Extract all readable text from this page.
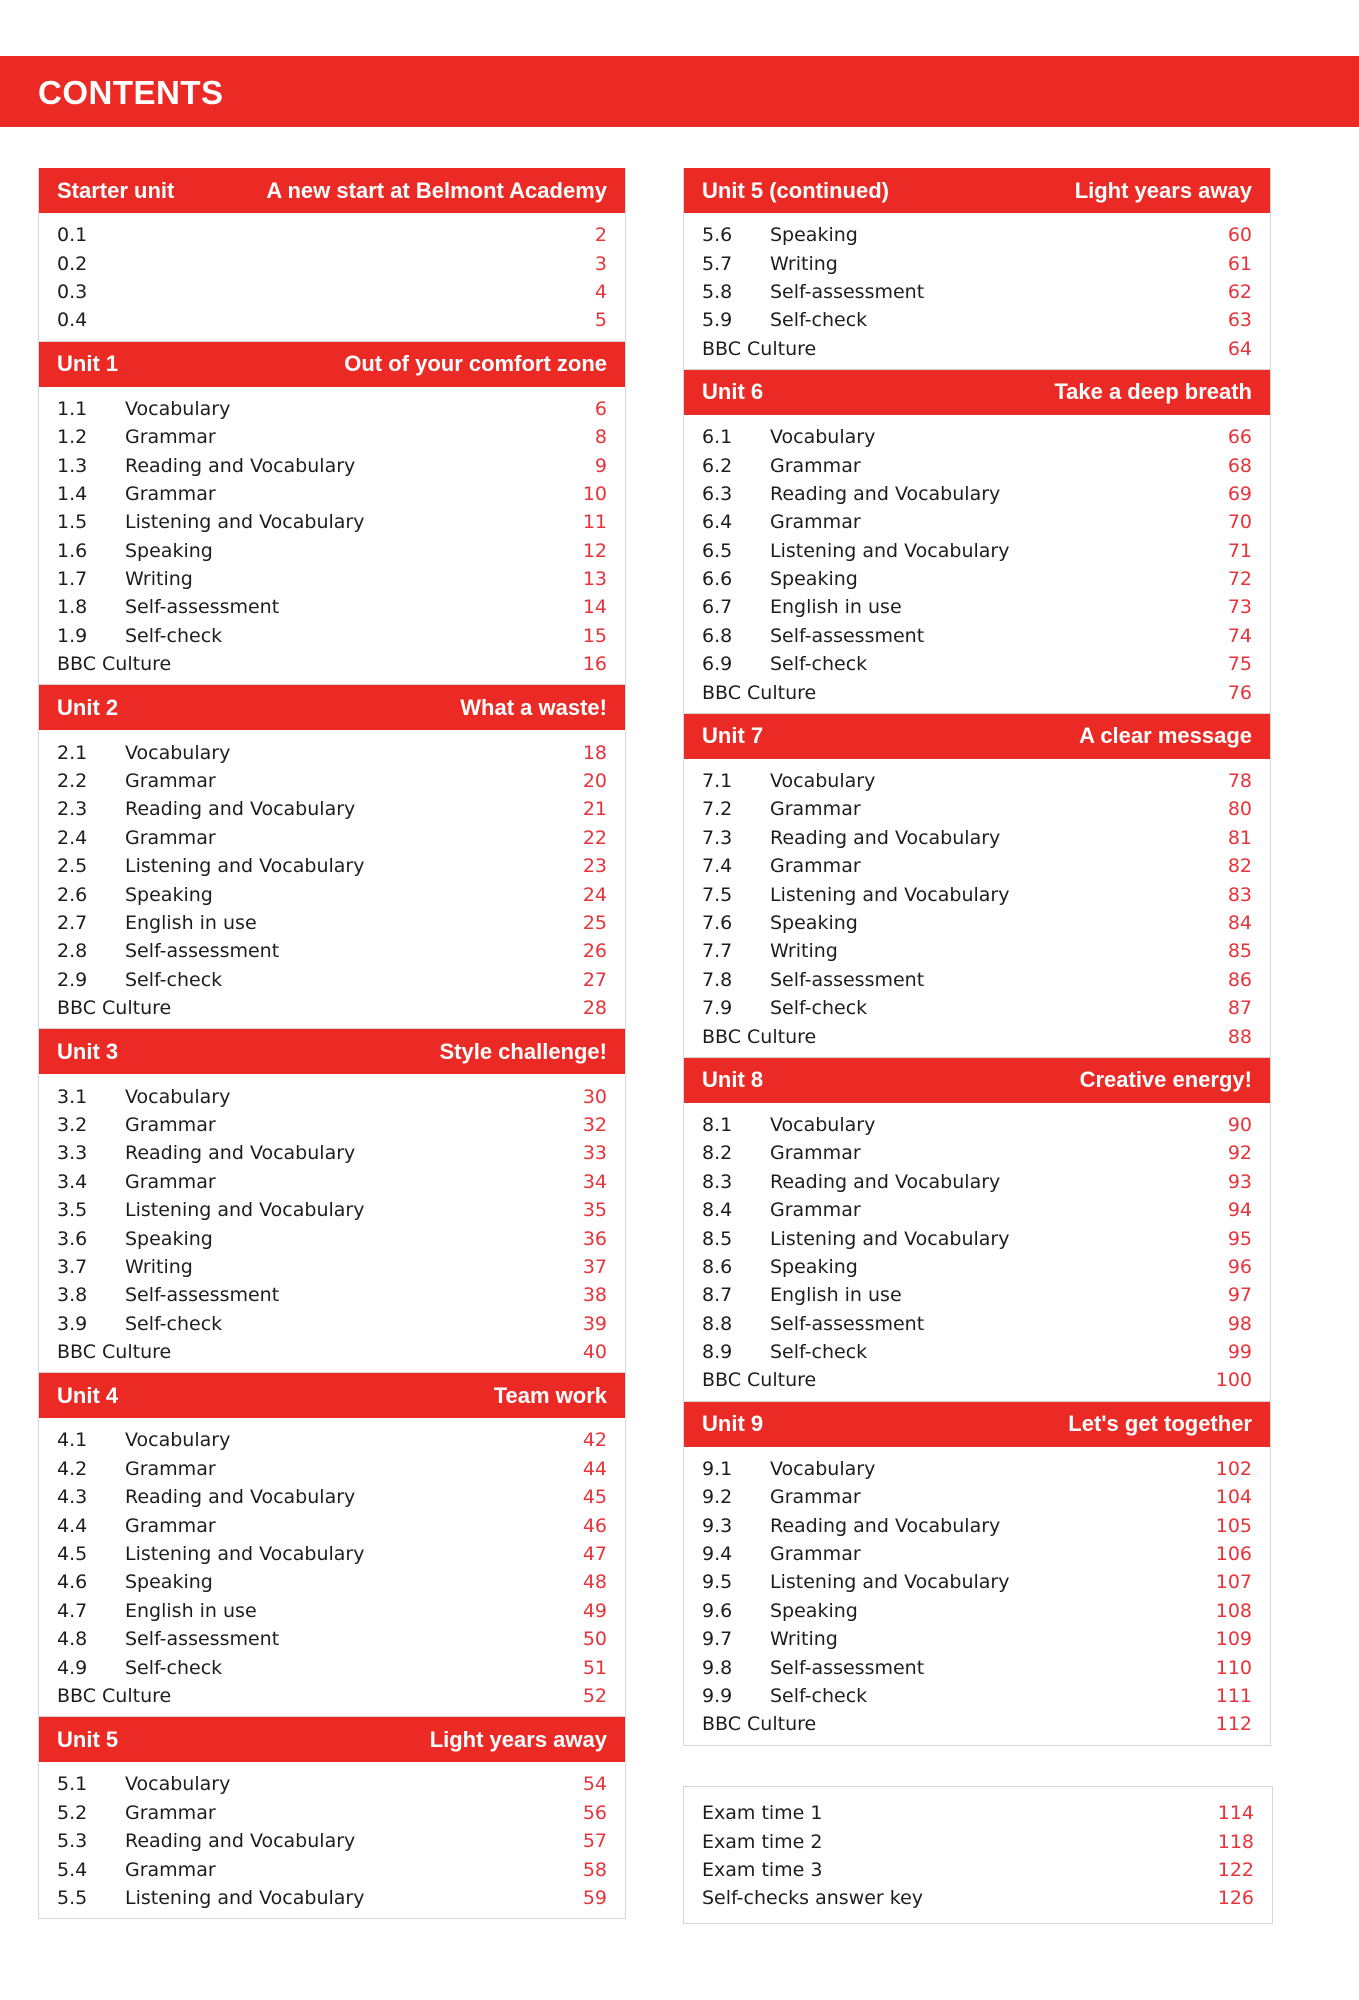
CONTENTS
Starter unit	A new start at Belmont Academy
0.1	2
0.2	3
0.3	4
0.4	5
Unit 1	Out of your comfort zone
1.1	Vocabulary	6
1.2	Grammar	8
1.3	Reading and Vocabulary	9
1.4	Grammar	10
1.5	Listening and Vocabulary	11
1.6	Speaking	12
1.7	Writing	13
1.8	Self-assessment	14
1.9	Self-check	15
BBC Culture	16
Unit 2	What a waste!
2.1	Vocabulary	18
2.2	Grammar	20
2.3	Reading and Vocabulary	21
2.4	Grammar	22
2.5	Listening and Vocabulary	23
2.6	Speaking	24
2.7	English in use	25
2.8	Self-assessment	26
2.9	Self-check	27
BBC Culture	28
Unit 3	Style challenge!
3.1	Vocabulary	30
3.2	Grammar	32
3.3	Reading and Vocabulary	33
3.4	Grammar	34
3.5	Listening and Vocabulary	35
3.6	Speaking	36
3.7	Writing	37
3.8	Self-assessment	38
3.9	Self-check	39
BBC Culture	40
Unit 4	Team work
4.1	Vocabulary	42
4.2	Grammar	44
4.3	Reading and Vocabulary	45
4.4	Grammar	46
4.5	Listening and Vocabulary	47
4.6	Speaking	48
4.7	English in use	49
4.8	Self-assessment	50
4.9	Self-check	51
BBC Culture	52
Unit 5	Light years away
5.1	Vocabulary	54
5.2	Grammar	56
5.3	Reading and Vocabulary	57
5.4	Grammar	58
5.5	Listening and Vocabulary	59
Unit 5 (continued)	Light years away
5.6	Speaking	60
5.7	Writing	61
5.8	Self-assessment	62
5.9	Self-check	63
BBC Culture	64
Unit 6	Take a deep breath
6.1	Vocabulary	66
6.2	Grammar	68
6.3	Reading and Vocabulary	69
6.4	Grammar	70
6.5	Listening and Vocabulary	71
6.6	Speaking	72
6.7	English in use	73
6.8	Self-assessment	74
6.9	Self-check	75
BBC Culture	76
Unit 7	A clear message
7.1	Vocabulary	78
7.2	Grammar	80
7.3	Reading and Vocabulary	81
7.4	Grammar	82
7.5	Listening and Vocabulary	83
7.6	Speaking	84
7.7	Writing	85
7.8	Self-assessment	86
7.9	Self-check	87
BBC Culture	88
Unit 8	Creative energy!
8.1	Vocabulary	90
8.2	Grammar	92
8.3	Reading and Vocabulary	93
8.4	Grammar	94
8.5	Listening and Vocabulary	95
8.6	Speaking	96
8.7	English in use	97
8.8	Self-assessment	98
8.9	Self-check	99
BBC Culture	100
Unit 9	Let's get together
9.1	Vocabulary	102
9.2	Grammar	104
9.3	Reading and Vocabulary	105
9.4	Grammar	106
9.5	Listening and Vocabulary	107
9.6	Speaking	108
9.7	Writing	109
9.8	Self-assessment	110
9.9	Self-check	111
BBC Culture	112
Exam time 1	114
Exam time 2	118
Exam time 3	122
Self-checks answer key	126
